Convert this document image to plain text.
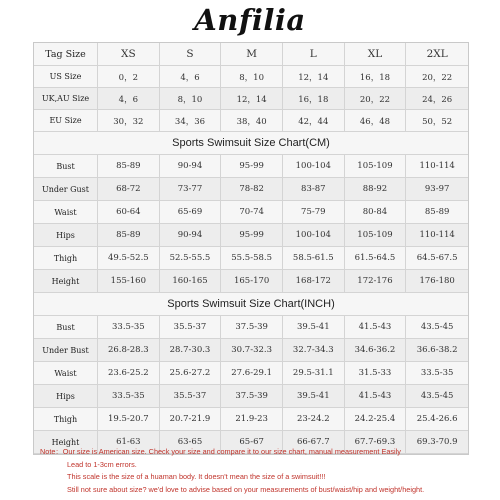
Anfilia
Tag Size	XS	S	M	L	XL	2XL
US Size	0，2	4，6	8，10	12，14	16，18	20，22
UK,AU Size	4，6	8，10	12，14	16，18	20，22	24，26
EU Size	30，32	34，36	38，40	42，44	46，48	50，52
Sports Swimsuit Size Chart(CM)						
Bust	85-89	90-94	95-99	100-104	105-109	110-114
Under Gust	68-72	73-77	78-82	83-87	88-92	93-97
Waist	60-64	65-69	70-74	75-79	80-84	85-89
Hips	85-89	90-94	95-99	100-104	105-109	110-114
Thigh	49.5-52.5	52.5-55.5	55.5-58.5	58.5-61.5	61.5-64.5	64.5-67.5
Height	155-160	160-165	165-170	168-172	172-176	176-180
Sports Swimsuit Size Chart(INCH)						
Bust	33.5-35	35.5-37	37.5-39	39.5-41	41.5-43	43.5-45
Under Bust	26.8-28.3	28.7-30.3	30.7-32.3	32.7-34.3	34.6-36.2	36.6-38.2
Waist	23.6-25.2	25.6-27.2	27.6-29.1	29.5-31.1	31.5-33	33.5-35
Hips	33.5-35	35.5-37	37.5-39	39.5-41	41.5-43	43.5-45
Thigh	19.5-20.7	20.7-21.9	21.9-23	23-24.2	24.2-25.4	25.4-26.6
Height	61-63	63-65	65-67	66-67.7	67.7-69.3	69.3-70.9
Note：Our size is American size. Check your size and compare it to our size chart, manual measurement Easily
Lead to 1-3cm errors.
This scale is the size of a huaman body. It doesn't mean the size of a swimsuit!!!
Still not sure about size? we'd love to advise based on your measurements of bust/waist/hip and weight/height.
